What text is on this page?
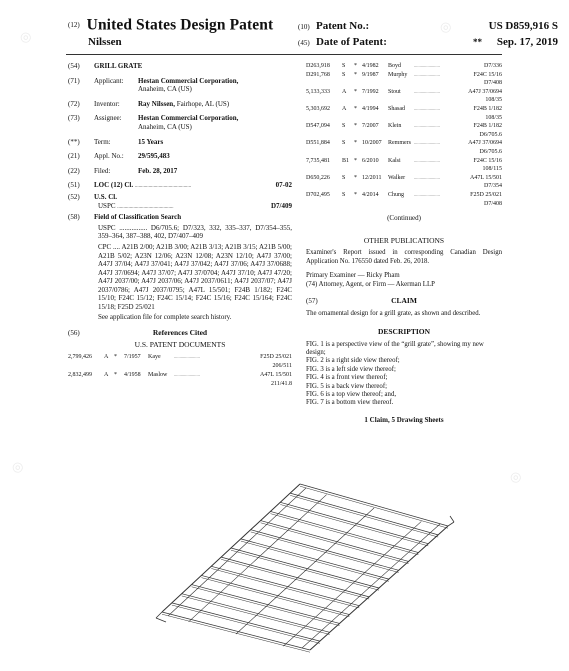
◎
◎
◎
◎
(12) United States Design Patent
Nilssen
(10) Patent No.:	US D859,916 S
(45) Date of Patent:	** Sep. 17, 2019
(54) GRILL GRATE
(71) Applicant: Hestan Commercial Corporation,
Anaheim, CA (US)
(72) Inventor:	Ray Nilssen, Fairhope, AL (US)
(73) Assignee: Hestan Commercial Corporation,
Anaheim, CA (US)
(**) Term:	15 Years
(21) Appl. No.: 29/595,483
(22) Filed:	Feb. 28, 2017
(51) LOC (12) Cl. .............................................	07-02
(52) U.S. Cl.
USPC .............................................	D7/409
(58) Field of Classification Search
USPC ................ D6/705.6; D7/323, 332, 335–337, D7/354–355, 359–364, 387–388, 402, D7/407–409
CPC .... A21B 2/00; A21B 3/00; A21B 3/13; A21B 3/15; A21B 5/00; A21B 5/02; A23N 12/06; A23N 12/08; A23N 12/10; A47J 37/00; A47J 37/04; A47J 37/041; A47J 37/042; A47J 37/06; A47J 37/0688; A47J 37/0694; A47J 37/07; A47J 37/0704; A47J 37/10; A47J 47/20; A47J 2037/00; A47J 2037/06; A47J 2037/0611; A47J 2037/07; A47J 2037/0786; A47J 2037/0795; A47L 15/501; F24B 1/182; F24C 15/10; F24C 15/12; F24C 15/14; F24C 15/16; F24C 15/164; F24C 15/18; F25D 25/021
See application file for complete search history.
(56)	References Cited
U.S. PATENT DOCUMENTS
2,799,426 A * 7/1957 Kaye	.......................	F25D 25/021
206/511
2,832,499 A * 4/1958 Maslow .......................	A47L 15/501
211/41.8
D263,918 S * 4/1982 Boyd	.......................	D7/336
D291,768 S * 9/1987 Murphy .......................	F24C 15/16
D7/408
5,133,333 A * 7/1992 Stout	.......................	A47J 37/0694
108/35
5,303,692 A * 4/1994 Shasad .......................	F24B 1/182
108/35
D547,094 S * 7/2007 Klein	.......................	F24B 1/182
D6/705.6
D551,884 S * 10/2007 Remmers .......................	A47J 37/0694
D6/705.6
7,735,481 B1 * 6/2010 Kalsi	.......................	F24C 15/16
108/115
D650,226 S * 12/2011 Walker .......................	A47L 15/501
D7/354
D702,495 S * 4/2014 Chung .......................	F25D 25/021
D7/408
(Continued)
OTHER PUBLICATIONS
Examiner's Report issued in corresponding Canadian Design Application No. 176550 dated Feb. 26, 2018.
Primary Examiner — Ricky Pham
(74) Attorney, Agent, or Firm — Akerman LLP
(57)	CLAIM
The ornamental design for a grill grate, as shown and described.
DESCRIPTION
FIG. 1 is a perspective view of the “grill grate”, showing my new design;
FIG. 2 is a right side view thereof;
FIG. 3 is a left side view thereof;
FIG. 4 is a front view thereof;
FIG. 5 is a back view thereof;
FIG. 6 is a top view thereof; and,
FIG. 7 is a bottom view thereof.
1 Claim, 5 Drawing Sheets
